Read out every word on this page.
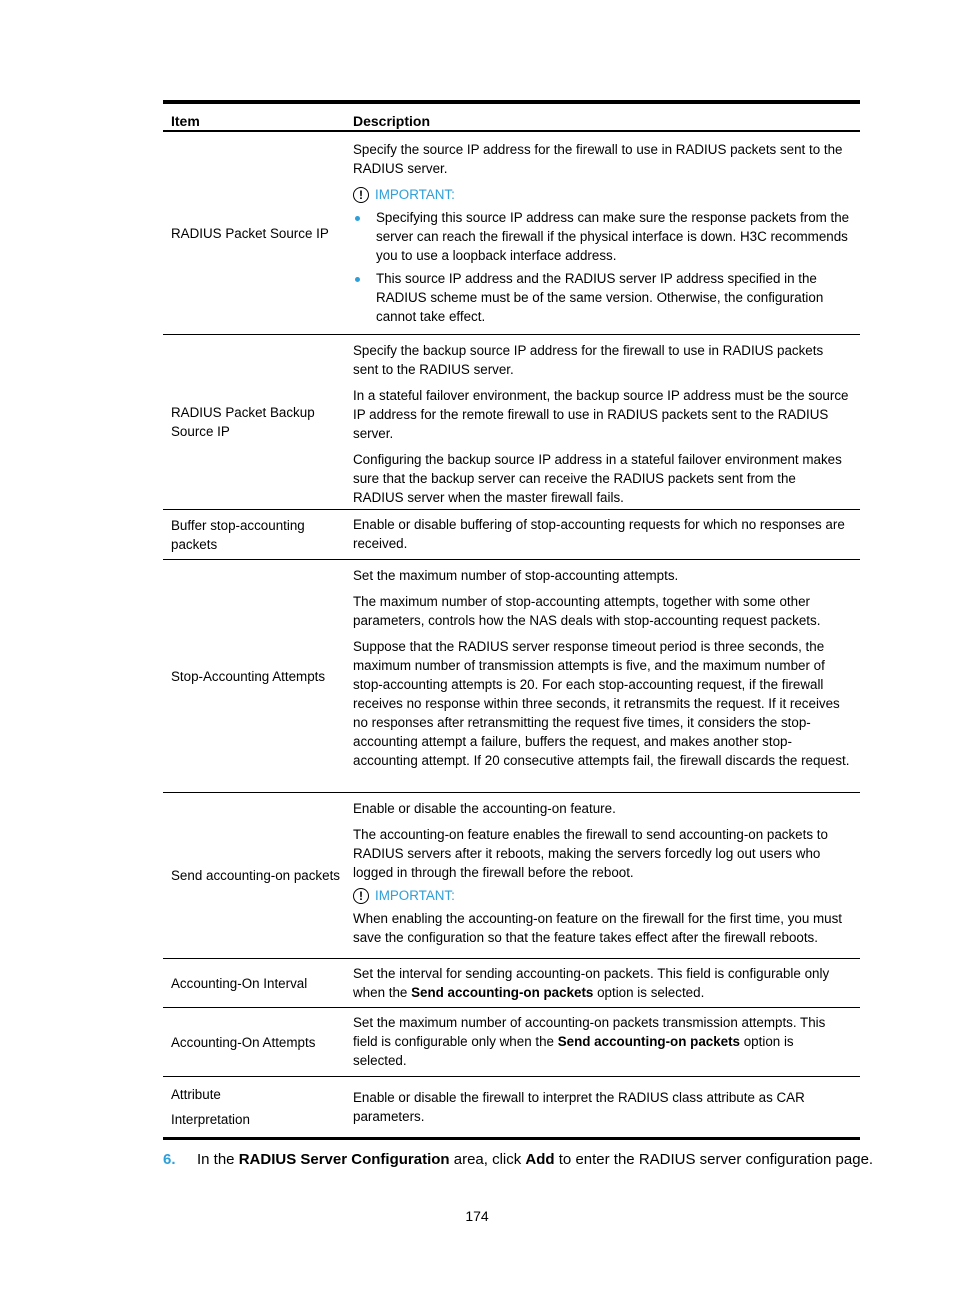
Item	Description
RADIUS Packet Source IP

Specify the source IP address for the firewall to use in RADIUS packets sent to the RADIUS server.

! IMPORTANT:
Specifying this source IP address can make sure the response packets from the server can reach the firewall if the physical interface is down. H3C recommends you to use a loopback interface address.
This source IP address and the RADIUS server IP address specified in the RADIUS scheme must be of the same version. Otherwise, the configuration cannot take effect.
RADIUS Packet Backup
Source IP

Specify the backup source IP address for the firewall to use in RADIUS packets sent to the RADIUS server.

In a stateful failover environment, the backup source IP address must be the source IP address for the remote firewall to use in RADIUS packets sent to the RADIUS server.

Configuring the backup source IP address in a stateful failover environment makes sure that the backup server can receive the RADIUS packets sent from the RADIUS server when the master firewall fails.

Buffer stop-accounting
packets

Enable or disable buffering of stop-accounting requests for which no responses are received.

Stop-Accounting Attempts

Set the maximum number of stop-accounting attempts.

The maximum number of stop-accounting attempts, together with some other parameters, controls how the NAS deals with stop-accounting request packets.

Suppose that the RADIUS server response timeout period is three seconds, the maximum number of transmission attempts is five, and the maximum number of stop-accounting attempts is 20. For each stop-accounting request, if the firewall receives no response within three seconds, it retransmits the request. If it receives no responses after retransmitting the request five times, it considers the stop-accounting attempt a failure, buffers the request, and makes another stop-accounting attempt. If 20 consecutive attempts fail, the firewall discards the request.

Send accounting-on packets

Enable or disable the accounting-on feature.

The accounting-on feature enables the firewall to send accounting-on packets to RADIUS servers after it reboots, making the servers forcedly log out users who logged in through the firewall before the reboot.

! IMPORTANT:

When enabling the accounting-on feature on the firewall for the first time, you must save the configuration so that the feature takes effect after the firewall reboots.

Accounting-On Interval

Set the interval for sending accounting-on packets. This field is configurable only when the Send accounting-on packets option is selected.

Accounting-On Attempts

Set the maximum number of accounting-on packets transmission attempts. This field is configurable only when the Send accounting-on packets option is selected.

Attribute
Interpretation

Enable or disable the firewall to interpret the RADIUS class attribute as CAR parameters.

6. In the RADIUS Server Configuration area, click Add to enter the RADIUS server configuration page.
174
